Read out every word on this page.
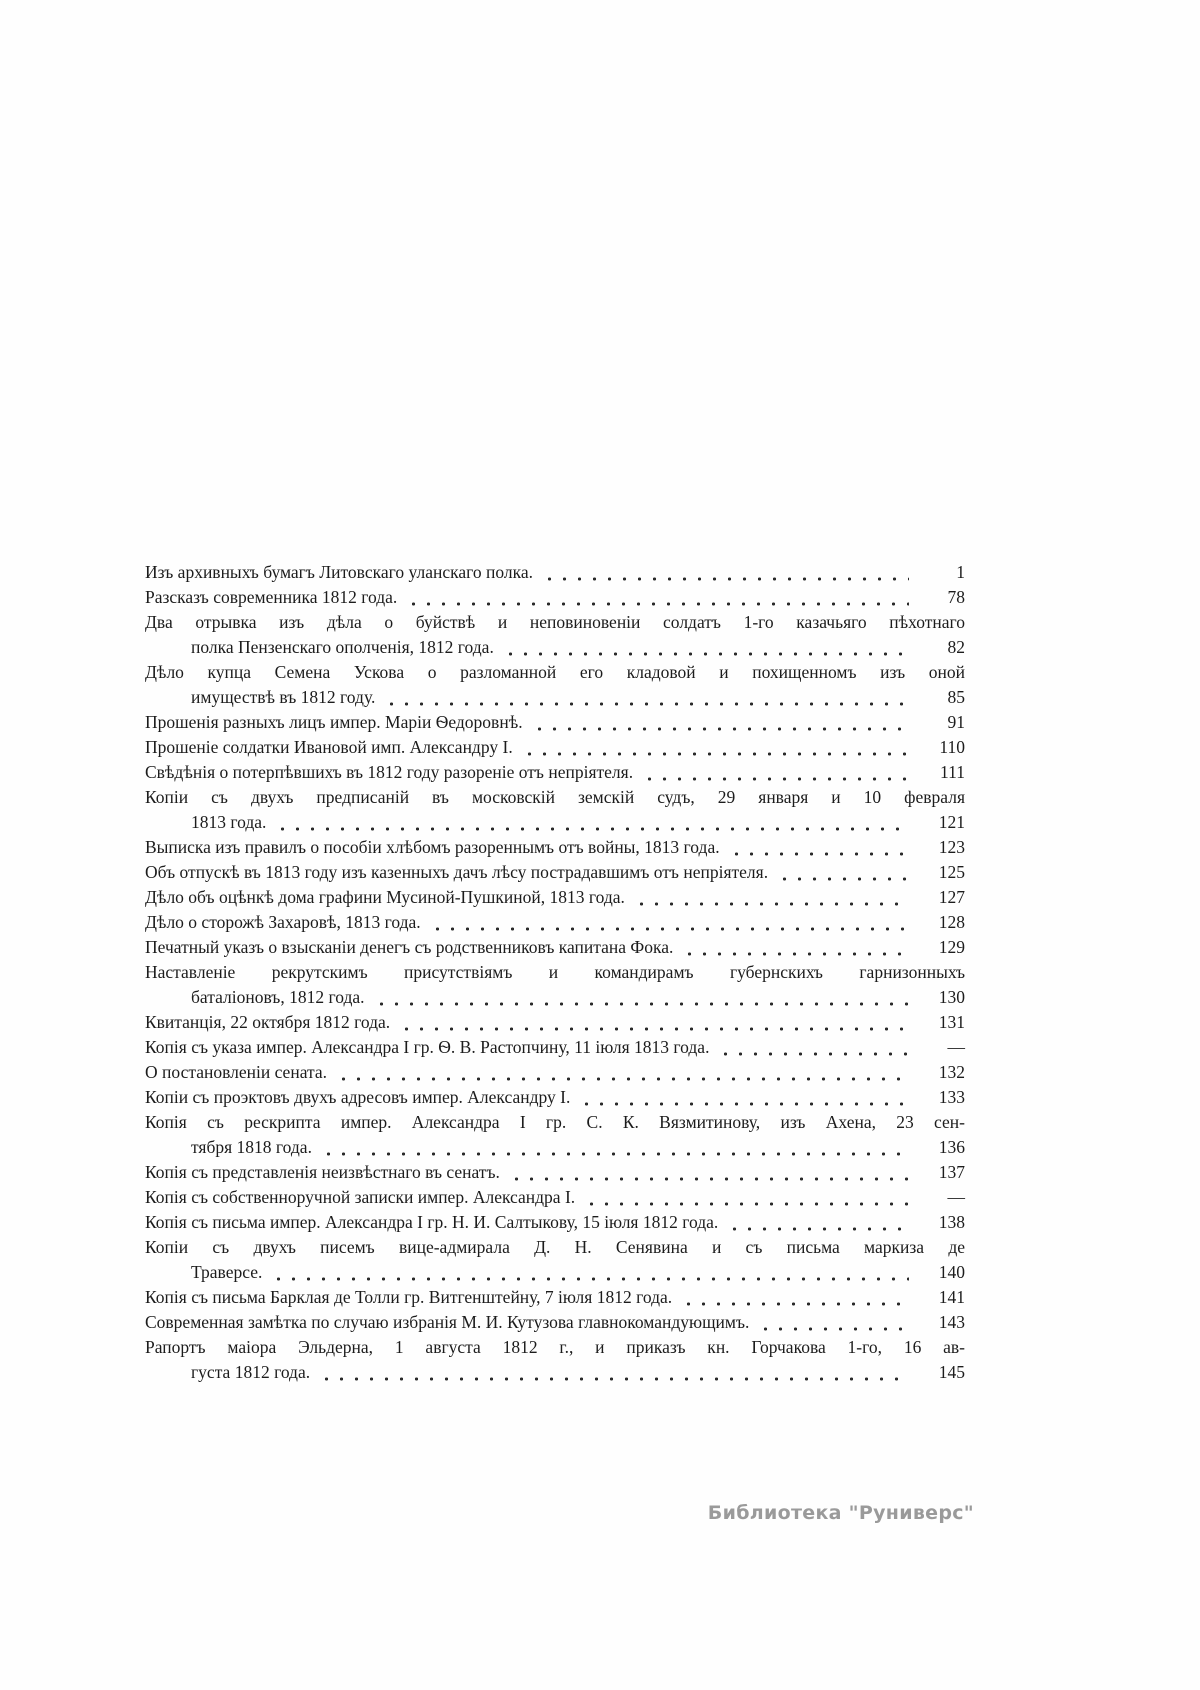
Изъ архивныхъ бумагъ Литовскаго уланскаго полка.	1
Разсказъ современника 1812 года.	78
Два отрывка изъ дѣла о буйствѣ и неповиновеніи солдатъ 1-го казачьяго пѣхотнаго
полка Пензенскаго ополченія, 1812 года.	82
Дѣло купца Семена Ускова о разломанной его кладовой и похищенномъ изъ оной
имуществѣ въ 1812 году.	85
Прошенія разныхъ лицъ импер. Маріи Ѳедоровнѣ.	91
Прошеніе солдатки Ивановой имп. Александру I.	110
Свѣдѣнія о потерпѣвшихъ въ 1812 году разореніе отъ непріятеля.	111
Копіи съ двухъ предписаній въ московскій земскій судъ, 29 января и 10 февраля
1813 года.	121
Выписка изъ правилъ о пособіи хлѣбомъ разореннымъ отъ войны, 1813 года.	123
Объ отпускѣ въ 1813 году изъ казенныхъ дачъ лѣсу пострадавшимъ отъ непріятеля.	125
Дѣло объ оцѣнкѣ дома графини Мусиной-Пушкиной, 1813 года.	127
Дѣло о сторожѣ Захаровѣ, 1813 года.	128
Печатный указъ о взысканіи денегъ съ родственниковъ капитана Фока.	129
Наставленіе рекрутскимъ присутствіямъ и командирамъ губернскихъ гарнизонныхъ
баталіоновъ, 1812 года.	130
Квитанція, 22 октября 1812 года.	131
Копія съ указа импер. Александра I гр. Ѳ. В. Растопчину, 11 іюля 1813 года.	—
О постановленіи сената.	132
Копіи съ проэктовъ двухъ адресовъ импер. Александру I.	133
Копія съ рескрипта импер. Александра I гр. С. К. Вязмитинову, изъ Ахена, 23 сен-
тября 1818 года.	136
Копія съ представленія неизвѣстнаго въ сенатъ.	137
Копія съ собственноручной записки импер. Александра I.	—
Копія съ письма импер. Александра I гр. Н. И. Салтыкову, 15 іюля 1812 года.	138
Копіи съ двухъ писемъ вице-адмирала Д. Н. Сенявина и съ письма маркиза де
Траверсе.	140
Копія съ письма Барклая де Толли гр. Витгенштейну, 7 іюля 1812 года.	141
Современная замѣтка по случаю избранія М. И. Кутузова главнокомандующимъ.	143
Рапортъ маіора Эльдерна, 1 августа 1812 г., и приказъ кн. Горчакова 1-го, 16 ав-
густа 1812 года.	145
Библиотека "Руниверс"
